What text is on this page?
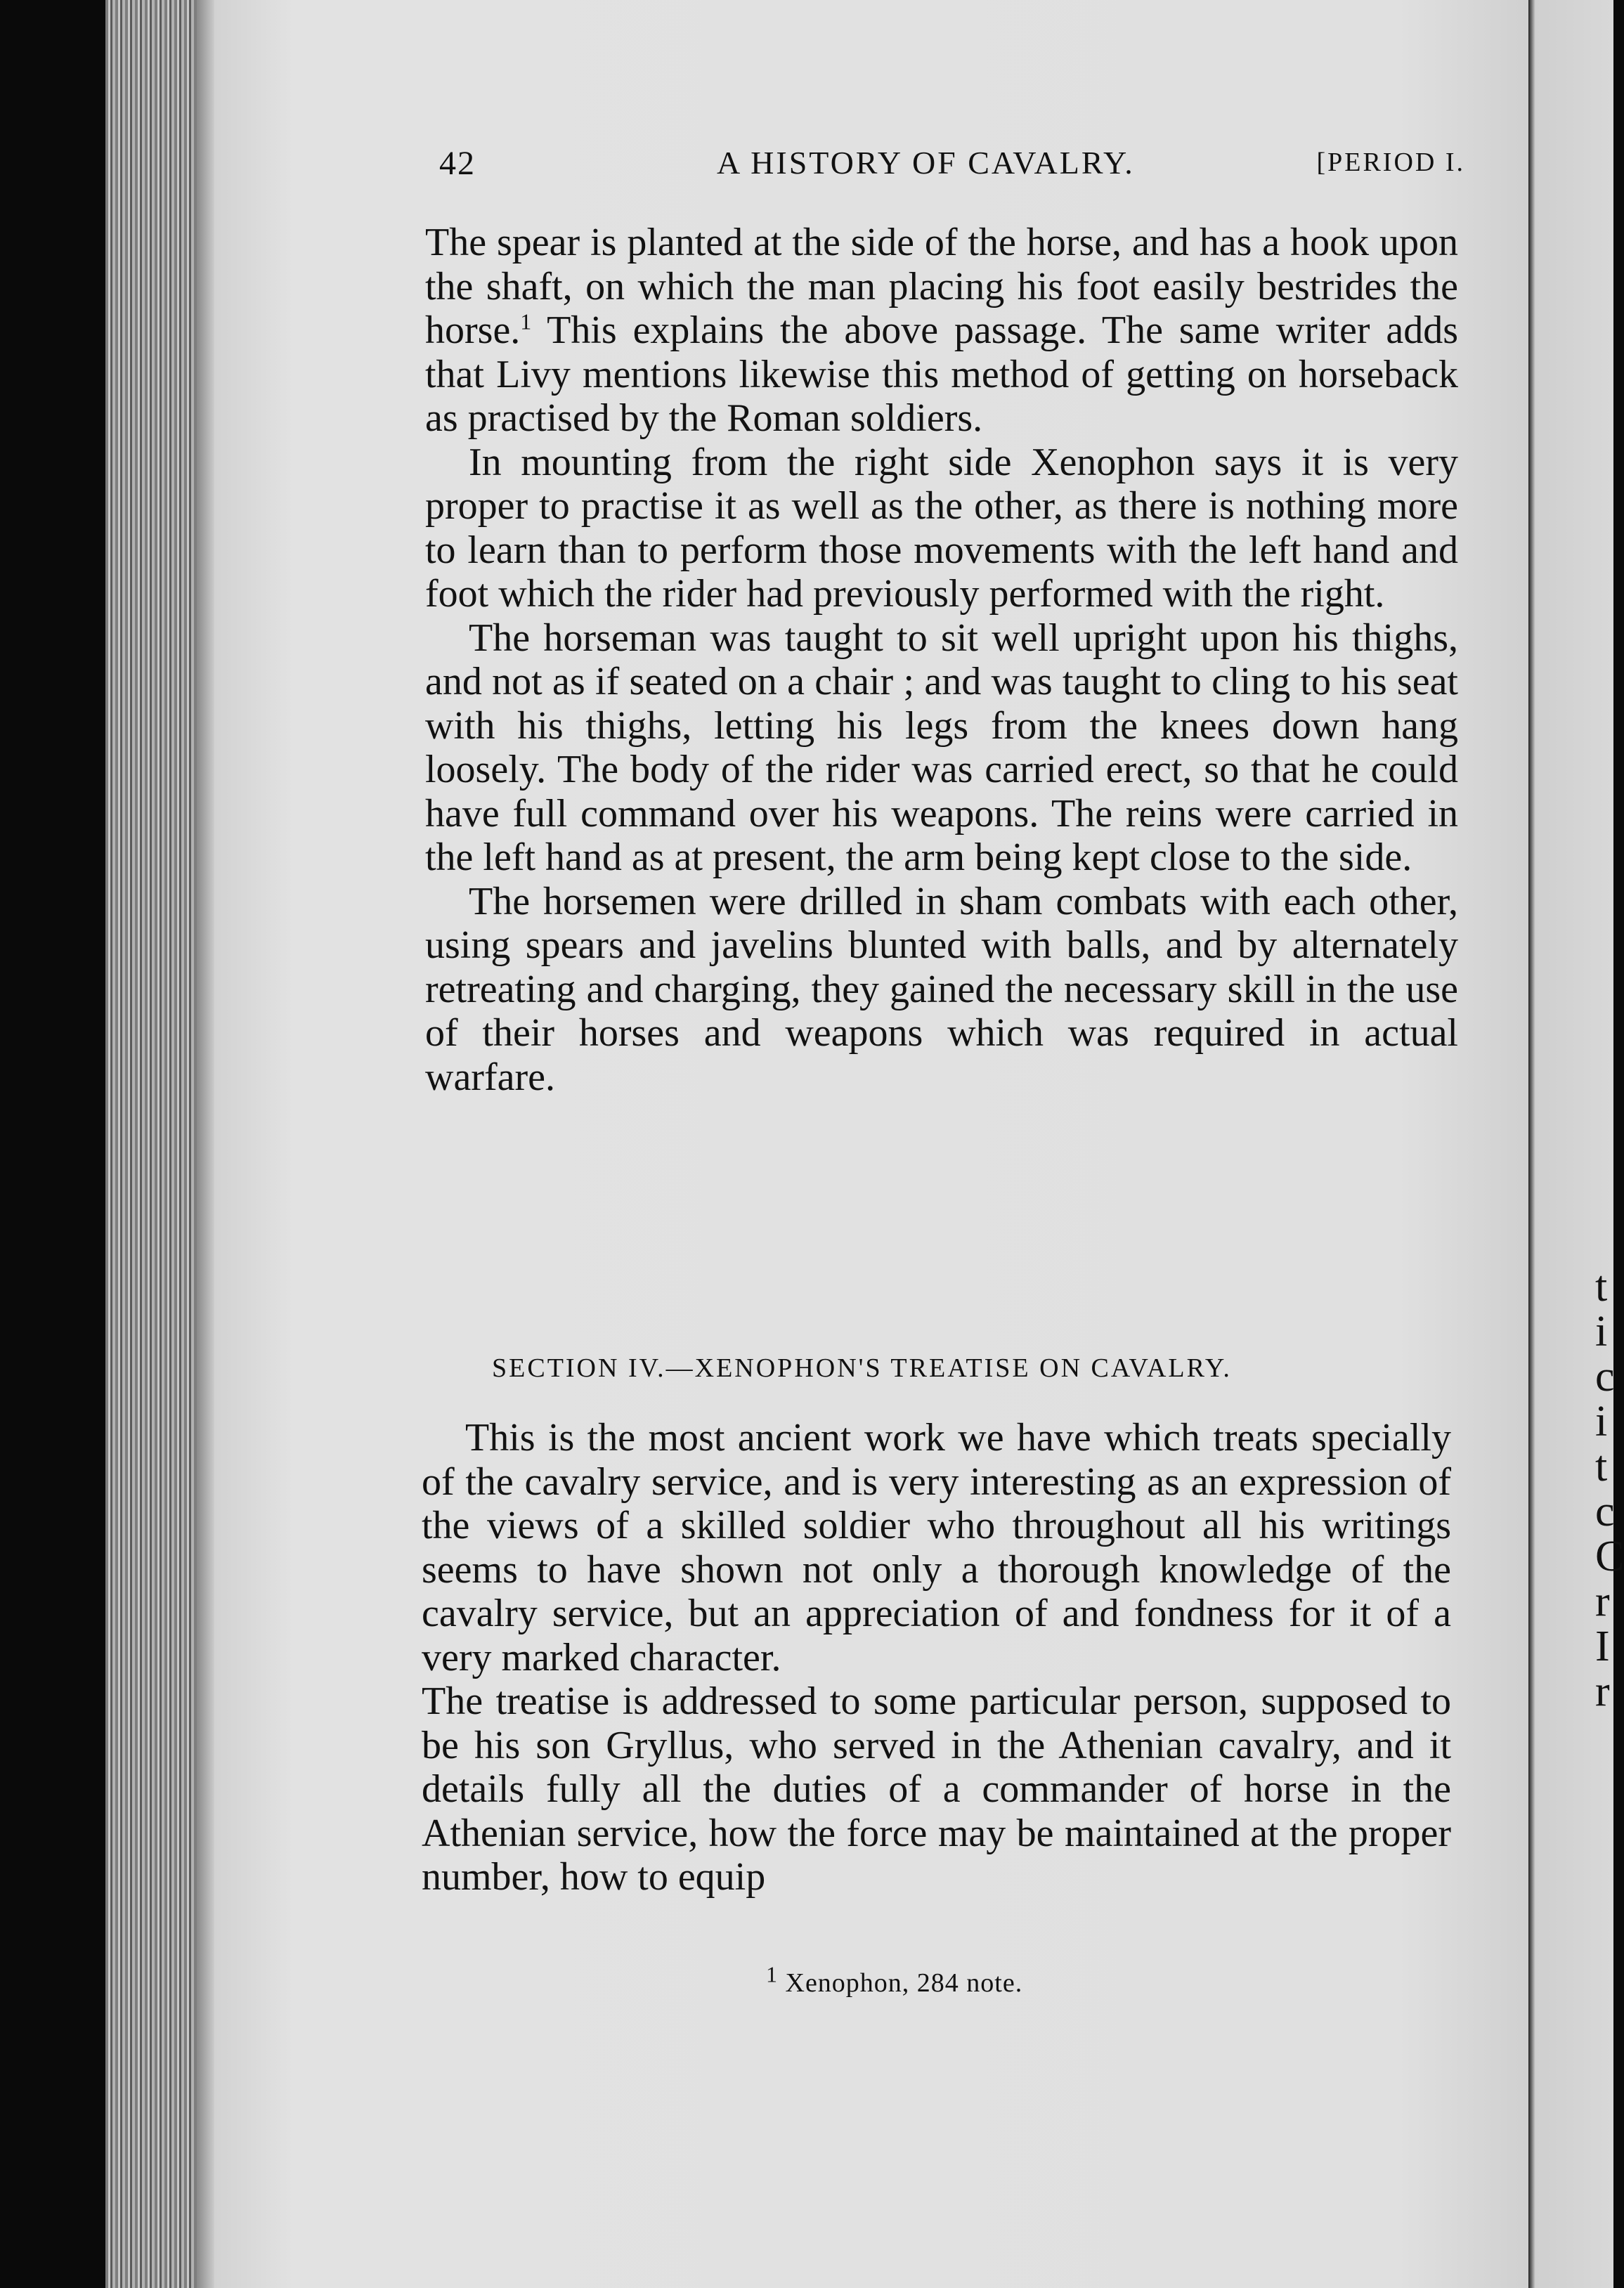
t
i
c
i
t
c
C
r
I
r
42	A HISTORY OF CAVALRY.	[PERIOD I.

The spear is planted at the side of the horse, and has a hook upon the shaft, on which the man placing his foot easily bestrides the horse.$^1$ This explains the above passage. The same writer adds that Livy mentions likewise this method of getting on horseback as practised by the Roman soldiers.

In mounting from the right side Xenophon says it is very proper to practise it as well as the other, as there is nothing more to learn than to perform those movements with the left hand and foot which the rider had previously performed with the right.

The horseman was taught to sit well upright upon his thighs, and not as if seated on a chair ; and was taught to cling to his seat with his thighs, letting his legs from the knees down hang loosely. The body of the rider was carried erect, so that he could have full command over his weapons. The reins were carried in the left hand as at present, the arm being kept close to the side.

The horsemen were drilled in sham combats with each other, using spears and javelins blunted with balls, and by alternately retreating and charging, they gained the necessary skill in the use of their horses and weapons which was required in actual warfare.

SECTION IV.—XENOPHON'S TREATISE ON CAVALRY.

This is the most ancient work we have which treats specially of the cavalry service, and is very interesting as an expression of the views of a skilled soldier who throughout all his writings seems to have shown not only a thorough knowledge of the cavalry service, but an appreciation of and fondness for it of a very marked character.

The treatise is addressed to some particular person, supposed to be his son Gryllus, who served in the Athenian cavalry, and it details fully all the duties of a commander of horse in the Athenian service, how the force may be maintained at the proper number, how to equip

$^1$ Xenophon, 284 note.
